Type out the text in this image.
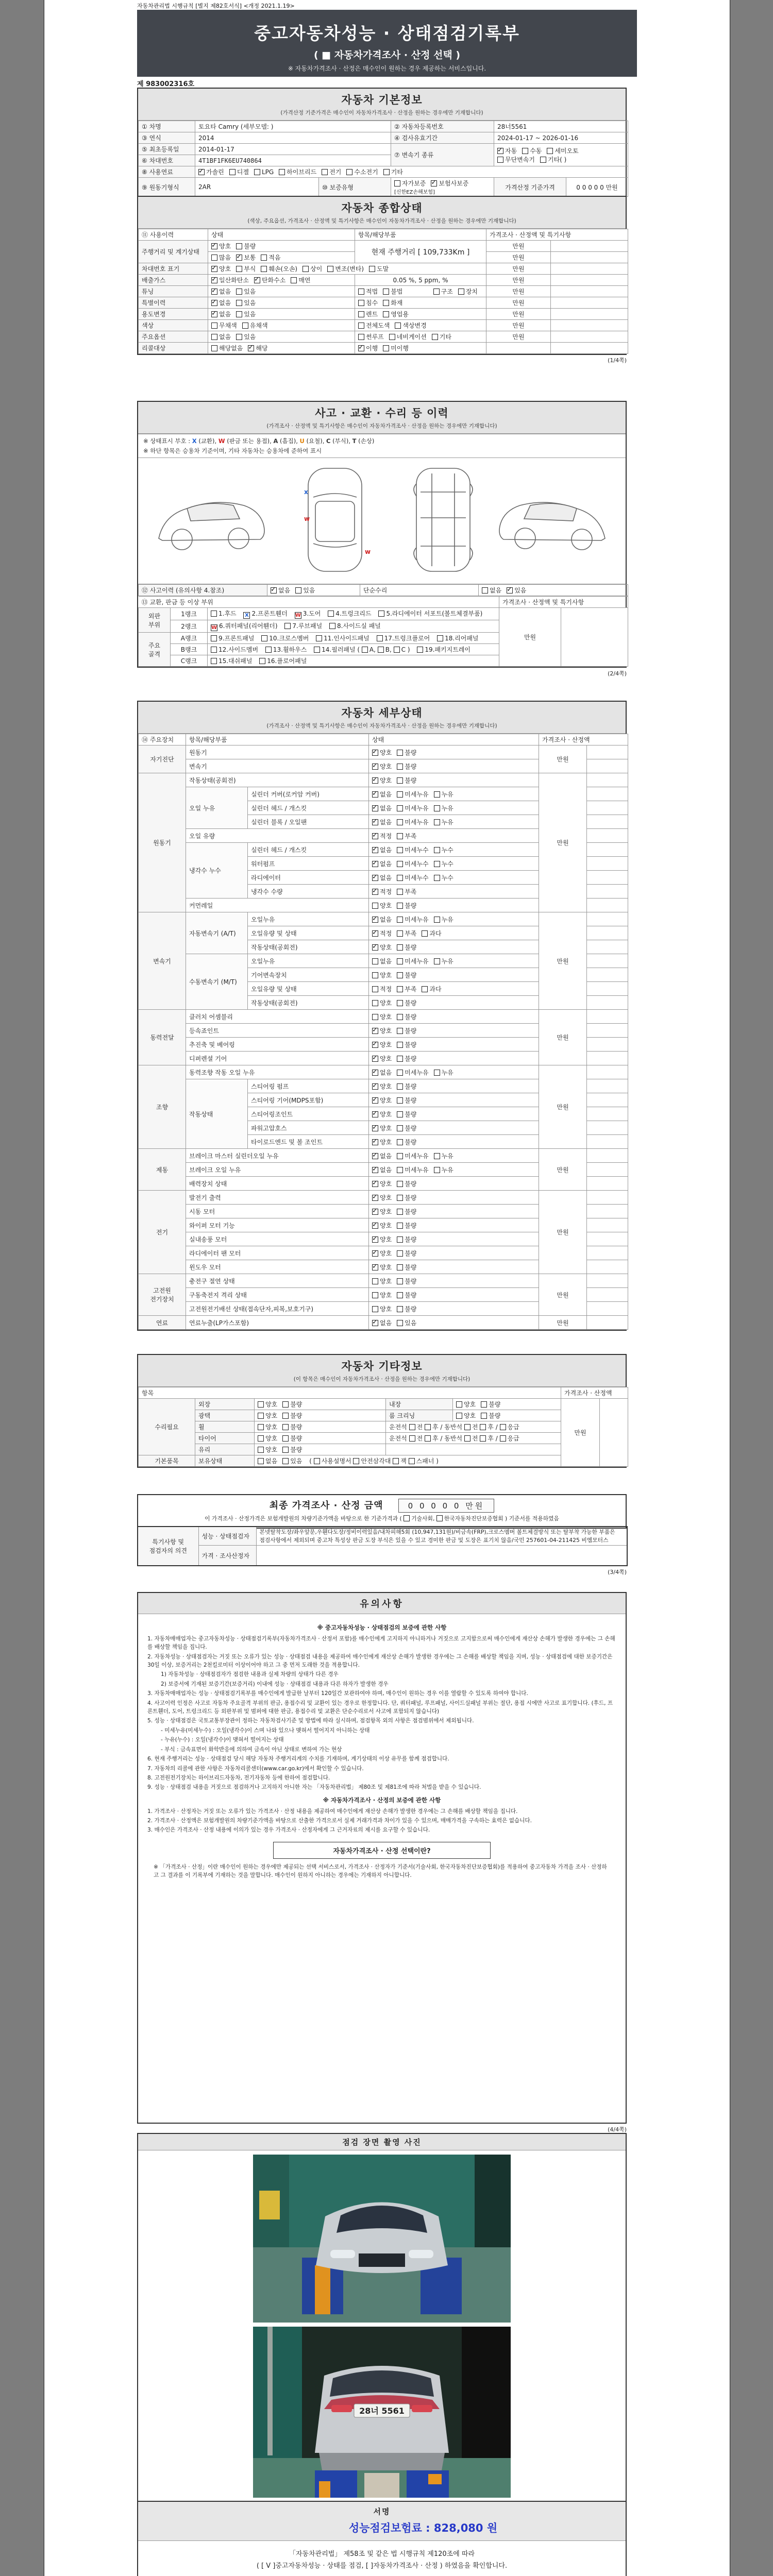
자동차관리법 시행규칙 [별지 제82호서식] <개정 2021.1.19>
중고자동차성능 · 상태점검기록부
( ■ 자동차가격조사 · 산정 선택 )
※ 자동차가격조사 · 산정은 매수인이 원하는 경우 제공하는 서비스입니다.
제 983002316호
자동차 기본정보
(가격산정 기준가격은 매수인이 자동차가격조사 · 산정을 원하는 경우에만 기재합니다)
① 차명	토요타 Camry (세부모델: )		② 자동차등록번호	28너5561	
③ 연식	2014		④ 검사유효기간	2024-01-17 ~ 2026-01-16	
⑤ 최초등록일	2014-01-17		⑦ 변속기 종류	✓자동 수동 세미오토무단변속기 기타( )
⑥ 차대번호	4T1BF1FK6EU740864				
⑧ 사용연료	✓가솔린 디젤 LPG 하이브리드 전기 수소전기 기타
⑨ 원동기형식	2AR	⑩ 보증유형	자가보증 ✓ 보험사보증[신한EZ손해보험]	가격산정 기준가격	0 0 0 0 0 만원
자동차 종합상태
(색상, 주요옵션, 가격조사 · 산정액 및 특기사항은 매수인이 자동차가격조사 · 산정을 원하는 경우에만 기재합니다)
⑪ 사용이력	상태	항목/해당부품	가격조사 · 산정액 및 특기사항	
주행거리 및 계기상태	✓양호 불량	현재 주행거리 [ 109,733Km ]	만원	
	많음 ✓ 보통 적음		만원	
차대번호 표기	✓양호 부식 훼손(오손) 상이 변조(변타) 도말		만원	
배출가스	✓일산화탄소 ✓ 탄화수소 매연	0.05 %, 5 ppm, %	만원	
튜닝	✓없음 있음	적법 불법 구조 장치	만원	
특별이력	✓없음 있음	침수 화재	만원	
용도변경	✓없음 있음	렌트 영업용	만원	
색상	무채색 유채색	전체도색 색상변경	만원	
주요옵션	없음 있음	썬루프 네비게이션 기타	만원	
리콜대상	해당없음 ✓ 해당	✓이행 미이행		
(1/4쪽)
사고 · 교환 · 수리 등 이력
(가격조사 · 산정액 및 특기사항은 매수인이 자동차가격조사 · 산정을 원하는 경우에만 기재합니다)
※ 상태표시 부호 : X (교환), W (판금 또는 용접), A (흠집), U (요철), C (부식), T (손상)
※ 하단 항목은 승용차 기준이며, 기타 자동차는 승용차에 준하여 표시
x
w
w
⑫ 사고이력 (유의사항 4.참조)	✓없음 있음	단순수리	없음 ✓ 있음
⑬ 교환, 판금 등 이상 부위			가격조사 · 산정액 및 특기사항	
외판 부위	1랭크	1.후드 X 2.프론트휀더 W 3.도어 4.트렁크리드 5.라디에이터 서포트(볼트체결부품)	만원	
	2랭크	W 6.쿼터패널(리어휀더) 7.루브패널 8.사이드실 패널		
주요 골격	A랭크	9.프론트패널 10.크로스멤버 11.인사이드패널 17.트렁크플로어 18.리어패널		
	B랭크	12.사이드멤버 13.휠하우스 14.필러패널 ( A, B, C ) 19.패키지트레이		
	C랭크	15.대쉬패널 16.플로어패널		
(2/4쪽)
자동차 세부상태
(가격조사 · 산정액 및 특기사항은 매수인이 자동차가격조사 · 산정을 원하는 경우에만 기재합니다)
⑭ 주요장치	항목/해당부품		상태	가격조사 · 산정액	
자기진단	원동기	✓양호 불량	만원	
	변속기	✓양호 불량	
원동기	작동상태(공회전)	✓양호 불량	만원	
	오일 누유	실린더 커버(로커암 커버)	✓없음 미세누유 누유	
		실린더 헤드 / 개스킷	✓없음 미세누유 누유	
		실린더 블록 / 오일팬	✓없음 미세누유 누유	
	오일 유량	✓적정 부족	
	냉각수 누수	실린더 헤드 / 개스킷	✓없음 미세누수 누수	
		워터펌프	✓없음 미세누수 누수	
		라디에이터	✓없음 미세누수 누수	
		냉각수 수량	✓적정 부족	
	커먼레일		양호 불량		
변속기	자동변속기 (A/T)	오일누유	✓없음 미세누유 누유	만원	
		오일유량 및 상태	✓적정 부족 과다	
		작동상태(공회전)	✓양호 불량	
	수동변속기 (M/T)	오일누유	없음 미세누유 누유		
		기어변속장치	양호 불량		
		오일유량 및 상태	적정 부족 과다		
		작동상태(공회전)	양호 불량		
동력전달	클러치 어셈블리		양호 불량	만원	
	등속죠인트	✓양호 불량	
	추진축 및 베어링	✓양호 불량	
	디퍼렌셜 기어	✓양호 불량	
조향	동력조향 작동 오일 누유	✓없음 미세누유 누유	만원	
	작동상태	스티어링 펌프	✓양호 불량	
		스티어링 기어(MDPS포함)	✓양호 불량	
		스티어링조인트	✓양호 불량	
		파워고압호스	✓양호 불량	
		타이로드엔드 및 볼 조인트	✓양호 불량	
제동	브레이크 마스터 실린더오일 누유	✓없음 미세누유 누유	만원	
	브레이크 오일 누유	✓없음 미세누유 누유	
	배력장치 상태	✓양호 불량	
전기	발전기 출력	✓양호 불량	만원	
	시동 모터	✓양호 불량	
	와이퍼 모터 기능	✓양호 불량	
	실내송풍 모터	✓양호 불량	
	라디에이터 팬 모터	✓양호 불량	
	윈도우 모터	✓양호 불량	
고전원 전기장치	충전구 절연 상태		양호 불량	만원	
	구동축전지 격리 상태		양호 불량		
	고전원전기배선 상태(접속단자,피복,보호기구)		양호 불량		
연료	연료누출(LP가스포함)	✓없음 있음	만원	
자동차 기타정보
(이 항목은 매수인이 자동차가격조사 · 산정을 원하는 경우에만 기재합니다)
항목					가격조사 · 산정액	
수리필요	외장	양호 불량	내장	양호 불량	만원	
	광택	양호 불량	룸 크리닝	양호 불량		
	휠	양호 불량	운전석 전 후 / 동반석 전 후 / 응급			
	타이어	양호 불량	운전석 전 후 / 동반석 전 후 / 응급			
	유리	양호 불량				
기본품목	보유상태	없음 있음 ( 사용설명서 안전삼각대 잭 스패너 )				
최종 가격조사 · 산정 금액	0 0 0 0 0 만원
이 가격조사 · 산정가격은 보험개발원의 차량기준가액을 바탕으로 한 기준가격과 ( 기술사회, 한국자동차진단보증협회 ) 기준서를 적용하였음
특기사항 및 점검자의 의견	성능 · 상태점검자	본넷탈착도장/좌우앞문,우휀다도장/정비이력있음/내차피해5회 (10,947,131원)/비금속(FRP),크로스멤버 볼트체결방식 또는 탈부착 가능한 부품은 점검사항에서 제외되며 중고차 특성상 판금 도장 부식은 있을 수 있고 경미한 판금 및 도장은 표기치 않음/국민 257601-04-211425 비엠모터스
	가격 · 조사산정자	
(3/4쪽)
유의사항
※ 중고자동차성능 · 상태점검의 보증에 관한 사항
1. 자동차매매업자는 중고자동차성능 · 상태점검기록부(자동차가격조사 · 산정서 포함)를 매수인에게 고지하지 아니하거나 거짓으로 고지함으로써 매수인에게 재산상 손해가 발생한 경우에는 그 손해를 배상할 책임을 집니다.
2. 자동차성능 · 상태점검자는 거짓 또는 오류가 있는 성능 · 상태점검 내용을 제공하여 매수인에게 재산상 손해가 발생한 경우에는 그 손해를 배상할 책임을 지며, 성능 · 상태점검에 대한 보증기간은 30일 이상, 보증거리는 2천킬로미터 이상이어야 하고 그 중 먼저 도래한 것을 적용합니다.
1) 자동차성능 · 상태점검자가 점검한 내용과 실제 차량의 상태가 다른 경우
2) 보증서에 기재된 보증기간(보증거리) 이내에 성능 · 상태점검 내용과 다른 하자가 발생한 경우
3. 자동차매매업자는 성능 · 상태점검기록부를 매수인에게 발급한 날부터 120일간 보관하여야 하며, 매수인이 원하는 경우 이를 열람할 수 있도록 하여야 합니다.
4. 사고이력 인정은 사고로 자동차 주요골격 부위의 판금, 용접수리 및 교환이 있는 경우로 한정합니다. 단, 쿼터패널, 루프패널, 사이드실패널 부위는 절단, 용접 시에만 사고로 표기합니다. (후드, 프론트휀더, 도어, 트렁크리드 등 외판부위 및 범퍼에 대한 판금, 용접수리 및 교환은 단순수리로서 사고에 포함되지 않습니다)
5. 성능 · 상태점검은 국토교통부장관이 정하는 자동차검사기준 및 방법에 따라 실시하며, 점검항목 외의 사항은 점검범위에서 제외됩니다.
- 미세누유(미세누수) : 오일(냉각수)이 스며 나와 있으나 맺혀서 떨어지지 아니하는 상태
- 누유(누수) : 오일(냉각수)이 맺혀서 떨어지는 상태
- 부식 : 금속표면이 화학반응에 의하여 금속이 아닌 상태로 변하여 가는 현상
6. 현재 주행거리는 성능 · 상태점검 당시 해당 자동차 주행거리계의 수치를 기재하며, 계기상태의 이상 유무를 함께 점검합니다.
7. 자동차의 리콜에 관한 사항은 자동차리콜센터(www.car.go.kr)에서 확인할 수 있습니다.
8. 고전원전기장치는 하이브리드자동차, 전기자동차 등에 한하여 점검합니다.
9. 성능 · 상태점검 내용을 거짓으로 점검하거나 고지하지 아니한 자는 「자동차관리법」 제80조 및 제81조에 따라 처벌을 받을 수 있습니다.
※ 자동차가격조사 · 산정의 보증에 관한 사항
1. 가격조사 · 산정자는 거짓 또는 오류가 있는 가격조사 · 산정 내용을 제공하여 매수인에게 재산상 손해가 발생한 경우에는 그 손해를 배상할 책임을 집니다.
2. 가격조사 · 산정액은 보험개발원의 차량기준가액을 바탕으로 산출한 가격으로서 실제 거래가격과 차이가 있을 수 있으며, 매매가격을 구속하는 효력은 없습니다.
3. 매수인은 가격조사 · 산정 내용에 이의가 있는 경우 가격조사 · 산정자에게 그 근거자료의 제시를 요구할 수 있습니다.
자동차가격조사 · 산정 선택이란?
※ 「가격조사 · 산정」이란 매수인이 원하는 경우에만 제공되는 선택 서비스로서, 가격조사 · 산정자가 기준서(기술사회, 한국자동차진단보증협회)를 적용하여 중고자동차 가격을 조사 · 산정하고 그 결과를 이 기록부에 기재하는 것을 말합니다. 매수인이 원하지 아니하는 경우에는 기재하지 아니합니다.
(4/4쪽)
점검 장면 촬영 사진
28너 5561
서명
성능점검보험료 : 828,080 원
「자동차관리법」 제58조 및 같은 법 시행규칙 제120조에 따라
( [ V ]중고자동차성능 · 상태를 점검, [ ]자동차가격조사 · 산정 ) 하였음을 확인합니다.
